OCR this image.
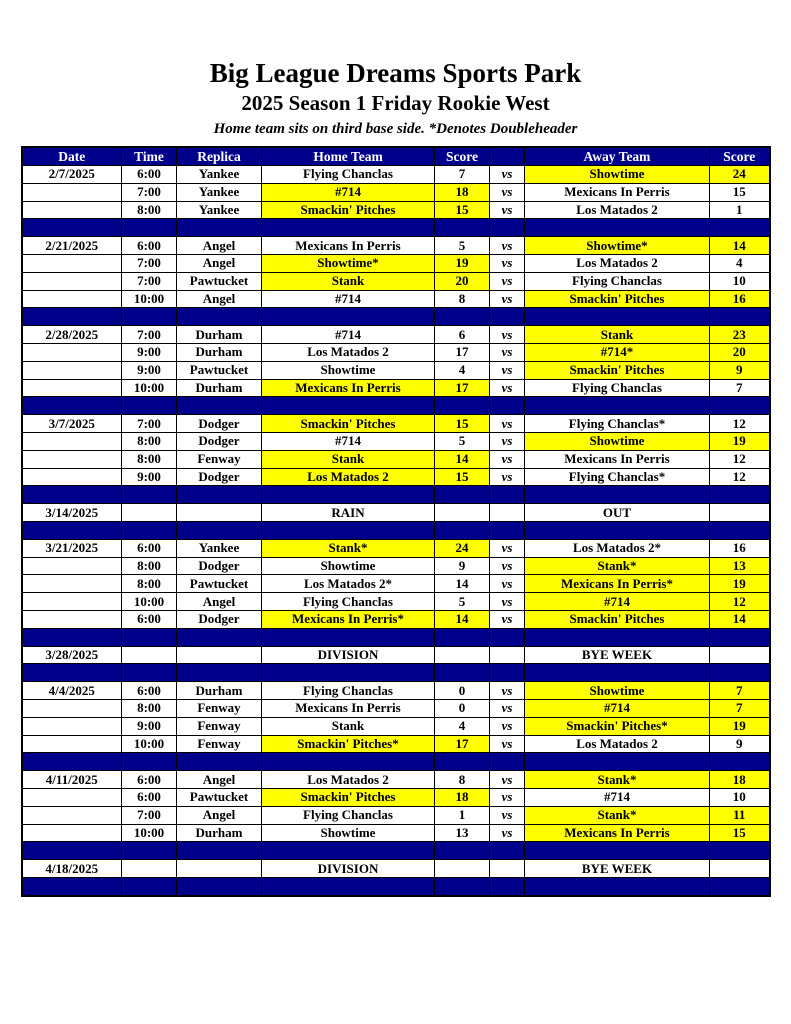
Big League Dreams Sports Park
2025 Season 1 Friday Rookie West
Home team sits on third base side. *Denotes Doubleheader
Date	Time	Replica	Home Team	Score		Away Team	Score
2/7/2025	6:00	Yankee	Flying Chanclas	7	vs	Showtime	24
	7:00	Yankee	#714	18	vs	Mexicans In Perris	15
	8:00	Yankee	Smackin' Pitches	15	vs	Los Matados 2	1

2/21/2025	6:00	Angel	Mexicans In Perris	5	vs	Showtime*	14
	7:00	Angel	Showtime*	19	vs	Los Matados 2	4
	7:00	Pawtucket	Stank	20	vs	Flying Chanclas	10
	10:00	Angel	#714	8	vs	Smackin' Pitches	16

2/28/2025	7:00	Durham	#714	6	vs	Stank	23
	9:00	Durham	Los Matados 2	17	vs	#714*	20
	9:00	Pawtucket	Showtime	4	vs	Smackin' Pitches	9
	10:00	Durham	Mexicans In Perris	17	vs	Flying Chanclas	7

3/7/2025	7:00	Dodger	Smackin' Pitches	15	vs	Flying Chanclas*	12
	8:00	Dodger	#714	5	vs	Showtime	19
	8:00	Fenway	Stank	14	vs	Mexicans In Perris	12
	9:00	Dodger	Los Matados 2	15	vs	Flying Chanclas*	12

3/14/2025			RAIN			OUT	

3/21/2025	6:00	Yankee	Stank*	24	vs	Los Matados 2*	16
	8:00	Dodger	Showtime	9	vs	Stank*	13
	8:00	Pawtucket	Los Matados 2*	14	vs	Mexicans In Perris*	19
	10:00	Angel	Flying Chanclas	5	vs	#714	12
	6:00	Dodger	Mexicans In Perris*	14	vs	Smackin' Pitches	14

3/28/2025			DIVISION			BYE WEEK	

4/4/2025	6:00	Durham	Flying Chanclas	0	vs	Showtime	7
	8:00	Fenway	Mexicans In Perris	0	vs	#714	7
	9:00	Fenway	Stank	4	vs	Smackin' Pitches*	19
	10:00	Fenway	Smackin' Pitches*	17	vs	Los Matados 2	9

4/11/2025	6:00	Angel	Los Matados 2	8	vs	Stank*	18
	6:00	Pawtucket	Smackin' Pitches	18	vs	#714	10
	7:00	Angel	Flying Chanclas	1	vs	Stank*	11
	10:00	Durham	Showtime	13	vs	Mexicans In Perris	15

4/18/2025			DIVISION			BYE WEEK	
